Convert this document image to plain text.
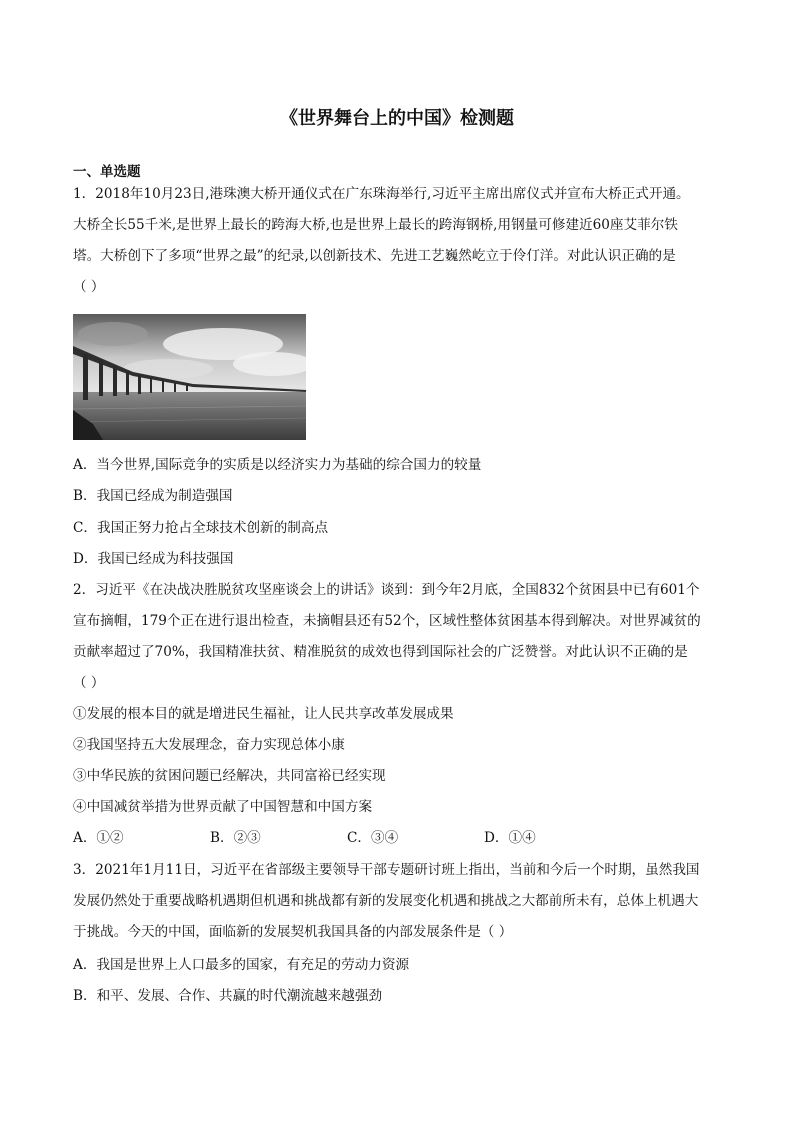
《世界舞台上的中国》检测题
一、单选题
1．2018年10月23日,港珠澳大桥开通仪式在广东珠海举行,习近平主席出席仪式并宣布大桥正式开通。
大桥全长55千米,是世界上最长的跨海大桥,也是世界上最长的跨海钢桥,用钢量可修建近60座艾菲尔铁
塔。大桥创下了多项“世界之最”的纪录,以创新技术、先进工艺巍然屹立于伶仃洋。对此认识正确的是
（ ）
A．当今世界,国际竞争的实质是以经济实力为基础的综合国力的较量
B．我国已经成为制造强国
C．我国正努力抢占全球技术创新的制高点
D．我国已经成为科技强国
2．习近平《在决战决胜脱贫攻坚座谈会上的讲话》谈到：到今年2月底，全国832个贫困县中已有601个
宣布摘帽，179个正在进行退出检查，未摘帽县还有52个，区域性整体贫困基本得到解决。对世界减贫的
贡献率超过了70%，我国精准扶贫、精准脱贫的成效也得到国际社会的广泛赞誉。对此认识不正确的是
（ ）
①发展的根本目的就是增进民生福祉，让人民共享改革发展成果
②我国坚持五大发展理念，奋力实现总体小康
③中华民族的贫困问题已经解决，共同富裕已经实现
④中国减贫举措为世界贡献了中国智慧和中国方案
A．①②	B．②③	C．③④	D．①④
3．2021年1月11日，习近平在省部级主要领导干部专题研讨班上指出，当前和今后一个时期，虽然我国
发展仍然处于重要战略机遇期但机遇和挑战都有新的发展变化机遇和挑战之大都前所未有，总体上机遇大
于挑战。今天的中国，面临新的发展契机我国具备的内部发展条件是（ ）
A．我国是世界上人口最多的国家，有充足的劳动力资源
B．和平、发展、合作、共赢的时代潮流越来越强劲
